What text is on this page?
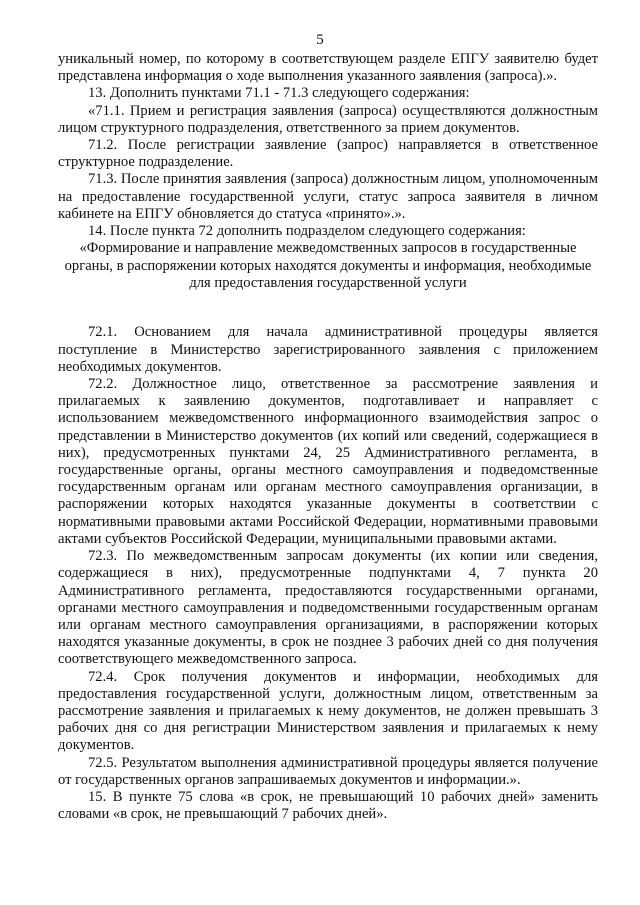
5

уникальный номер, по которому в соответствующем разделе ЕПГУ заявителю будет представлена информация о ходе выполнения указанного заявления (запроса).».

13. Дополнить пунктами 71.1 - 71.3 следующего содержания:

«71.1. Прием и регистрация заявления (запроса) осуществляются должностным лицом структурного подразделения, ответственного за прием документов.

71.2. После регистрации заявление (запрос) направляется в ответственное структурное подразделение.

71.3. После принятия заявления (запроса) должностным лицом, уполномоченным на предоставление государственной услуги, статус запроса заявителя в личном кабинете на ЕПГУ обновляется до статуса «принято».».

14. После пункта 72 дополнить подразделом следующего содержания:

«Формирование и направление межведомственных запросов в государственные органы, в распоряжении которых находятся документы и информация, необходимые для предоставления государственной услуги

72.1. Основанием для начала административной процедуры является поступление в Министерство зарегистрированного заявления с приложением необходимых документов.

72.2. Должностное лицо, ответственное за рассмотрение заявления и прилагаемых к заявлению документов, подготавливает и направляет с использованием межведомственного информационного взаимодействия запрос о представлении в Министерство документов (их копий или сведений, содержащиеся в них), предусмотренных пунктами 24, 25 Административного регламента, в государственные органы, органы местного самоуправления и подведомственные государственным органам или органам местного самоуправления организации, в распоряжении которых находятся указанные документы в соответствии с нормативными правовыми актами Российской Федерации, нормативными правовыми актами субъектов Российской Федерации, муниципальными правовыми актами.

72.3. По межведомственным запросам документы (их копии или сведения, содержащиеся в них), предусмотренные подпунктами 4, 7 пункта 20 Административного регламента, предоставляются государственными органами, органами местного самоуправления и подведомственными государственным органам или органам местного самоуправления организациями, в распоряжении которых находятся указанные документы, в срок не позднее 3 рабочих дней со дня получения соответствующего межведомственного запроса.

72.4. Срок получения документов и информации, необходимых для предоставления государственной услуги, должностным лицом, ответственным за рассмотрение заявления и прилагаемых к нему документов, не должен превышать 3 рабочих дня со дня регистрации Министерством заявления и прилагаемых к нему документов.

72.5. Результатом выполнения административной процедуры является получение от государственных органов запрашиваемых документов и информации.».

15. В пункте 75 слова «в срок, не превышающий 10 рабочих дней» заменить словами «в срок, не превышающий 7 рабочих дней».
